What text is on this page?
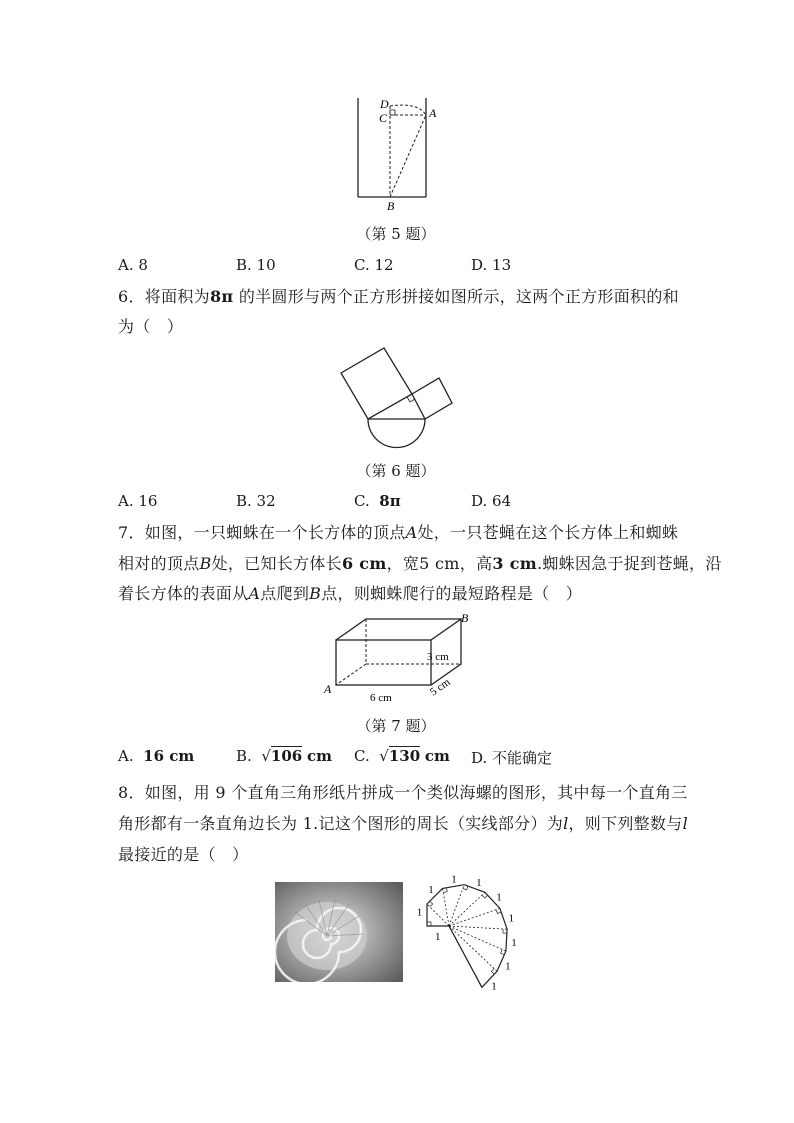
D
C	A
B
（第 5 题）
A. 8	B. 10	C. 12	D. 13
6．将面积为8π 的半圆形与两个正方形拼接如图所示，这两个正方形面积的和
为（　）
（第 6 题）
A. 16	B. 32	C. 8π	D. 64
7．如图，一只蜘蛛在一个长方体的顶点A处，一只苍蝇在这个长方体上和蜘蛛
相对的顶点B处，已知长方体长6 cm，宽5 cm，高3 cm.蜘蛛因急于捉到苍蝇，沿
着长方体的表面从A点爬到B点，则蜘蛛爬行的最短路程是（　）
B
A
3 cm
6 cm	5 cm
（第 7 题）
A. 16 cm	B. √106 cm C. √130 cm D. 不能确定
8．如图，用 9 个直角三角形纸片拼成一个类似海螺的图形，其中每一个直角三
角形都有一条直角边长为 1.记这个图形的周长（实线部分）为l，则下列整数与l
最接近的是（　）
1
1
1 1
1
1
1
1
1
1
